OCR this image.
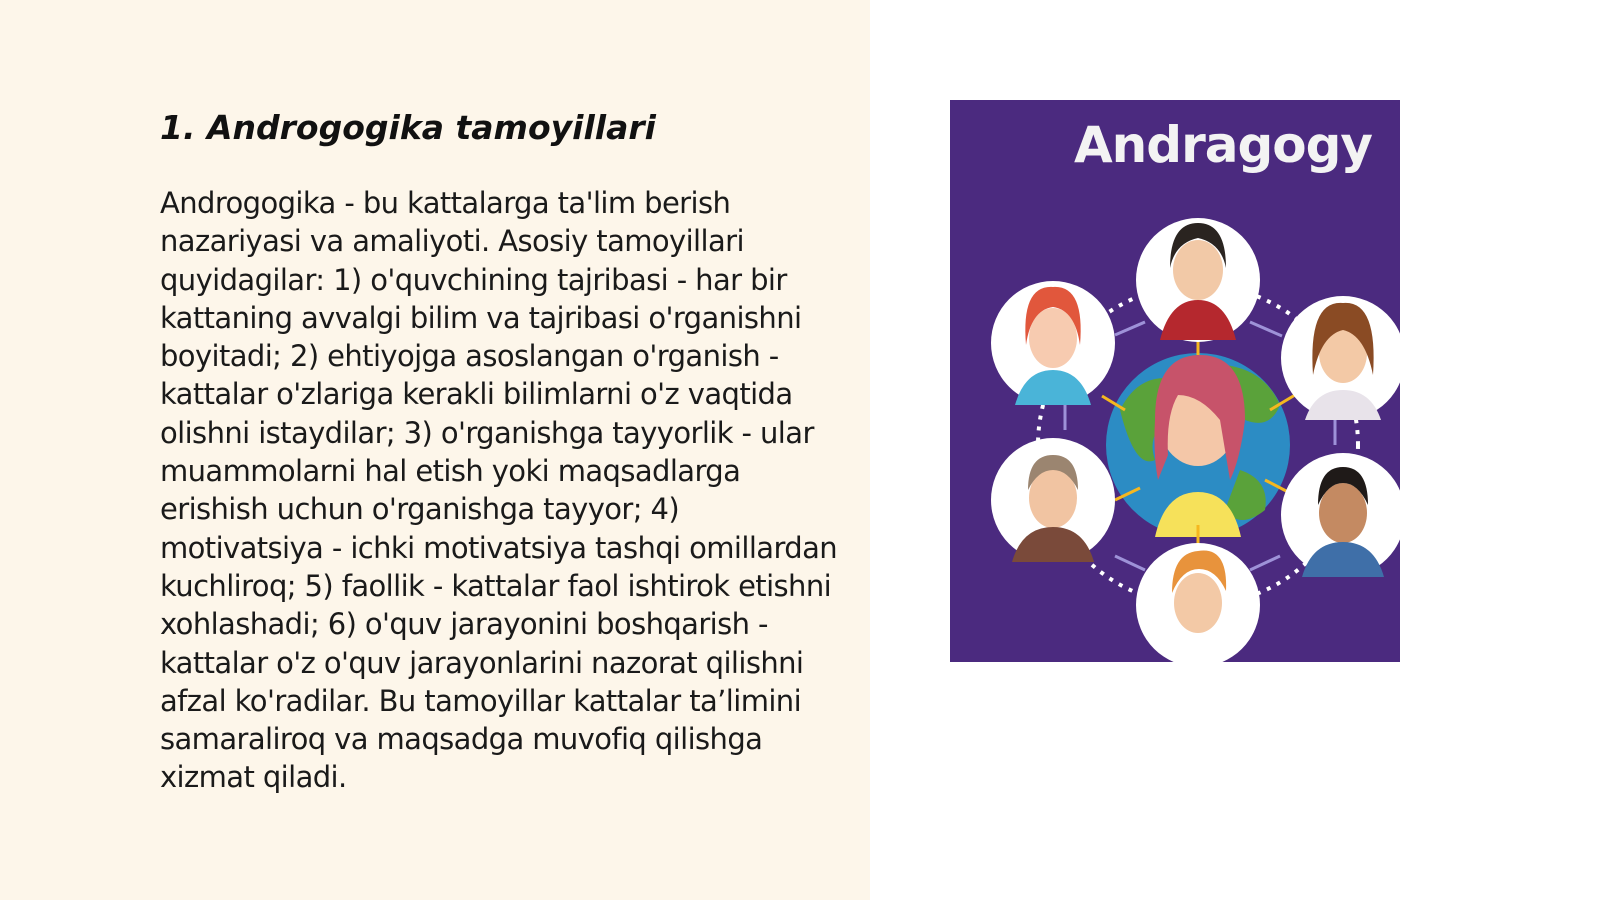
1. Androgogika tamoyillari

Androgogika - bu kattalarga ta'lim berish nazariyasi va amaliyoti. Asosiy tamoyillari quyidagilar: 1) o'quvchining tajribasi - har bir kattaning avvalgi bilim va tajribasi o'rganishni boyitadi; 2) ehtiyojga asoslangan o'rganish - kattalar o'zlariga kerakli bilimlarni o'z vaqtida olishni istaydilar; 3) o'rganishga tayyorlik - ular muammolarni hal etish yoki maqsadlarga erishish uchun o'rganishga tayyor; 4) motivatsiya - ichki motivatsiya tashqi omillardan kuchliroq; 5) faollik - kattalar faol ishtirok etishni xohlashadi; 6) o'quv jarayonini boshqarish - kattalar o'z o'quv jarayonlarini nazorat qilishni afzal ko'radilar. Bu tamoyillar kattalar ta’limini samaraliroq va maqsadga muvofiq qilishga xizmat qiladi.

Andragogy
